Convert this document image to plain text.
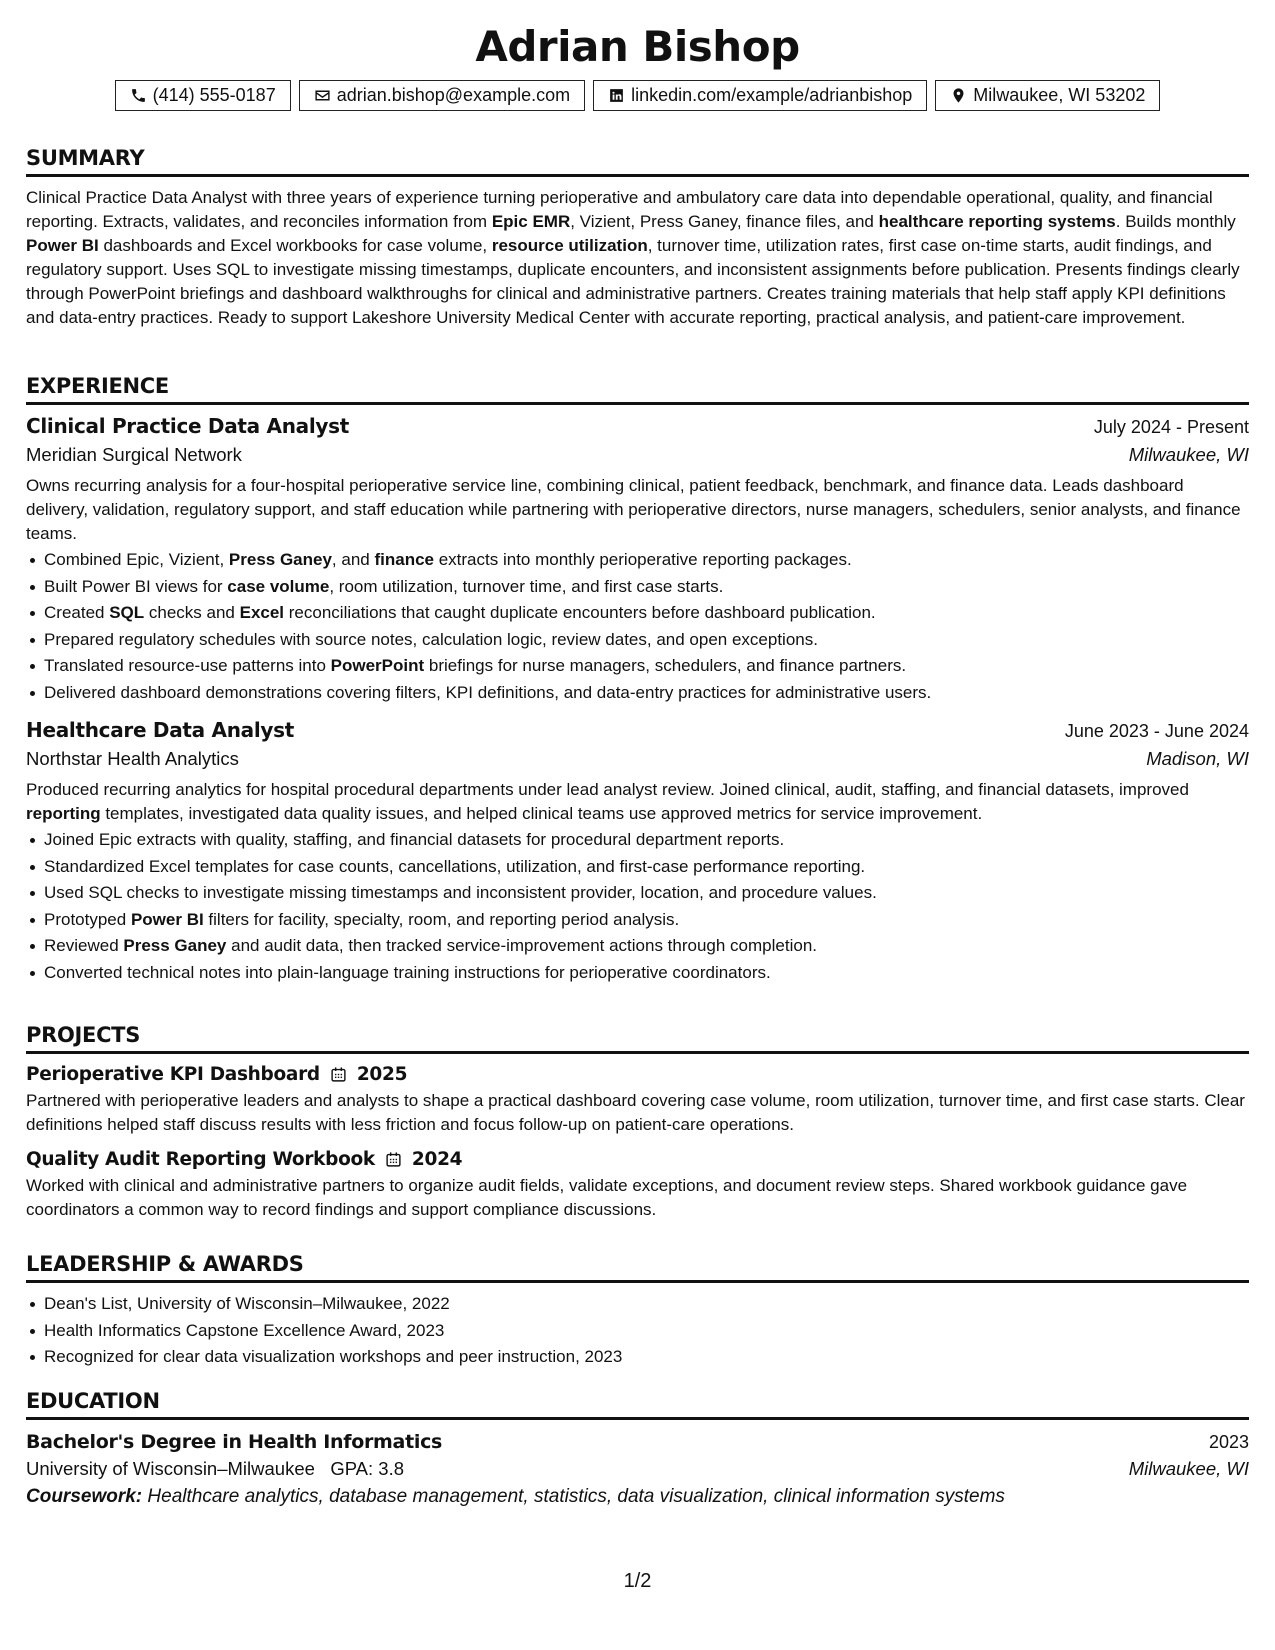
Adrian Bishop
(414) 555-0187	adrian.bishop@example.com	linkedin.com/example/adrianbishop	Milwaukee, WI 53202
SUMMARY
Clinical Practice Data Analyst with three years of experience turning perioperative and ambulatory care data into dependable operational, quality, and financial reporting. Extracts, validates, and reconciles information from Epic EMR, Vizient, Press Ganey, finance files, and healthcare reporting systems. Builds monthly Power BI dashboards and Excel workbooks for case volume, resource utilization, turnover time, utilization rates, first case on-time starts, audit findings, and regulatory support. Uses SQL to investigate missing timestamps, duplicate encounters, and inconsistent assignments before publication. Presents findings clearly through PowerPoint briefings and dashboard walkthroughs for clinical and administrative partners. Creates training materials that help staff apply KPI definitions and data-entry practices. Ready to support Lakeshore University Medical Center with accurate reporting, practical analysis, and patient-care improvement.
EXPERIENCE
Clinical Practice Data Analyst	July 2024 - Present
Meridian Surgical Network	Milwaukee, WI
Owns recurring analysis for a four-hospital perioperative service line, combining clinical, patient feedback, benchmark, and finance data. Leads dashboard delivery, validation, regulatory support, and staff education while partnering with perioperative directors, nurse managers, schedulers, senior analysts, and finance teams.
Combined Epic, Vizient, Press Ganey, and finance extracts into monthly perioperative reporting packages.
Built Power BI views for case volume, room utilization, turnover time, and first case starts.
Created SQL checks and Excel reconciliations that caught duplicate encounters before dashboard publication.
Prepared regulatory schedules with source notes, calculation logic, review dates, and open exceptions.
Translated resource-use patterns into PowerPoint briefings for nurse managers, schedulers, and finance partners.
Delivered dashboard demonstrations covering filters, KPI definitions, and data-entry practices for administrative users.
Healthcare Data Analyst	June 2023 - June 2024
Northstar Health Analytics	Madison, WI
Produced recurring analytics for hospital procedural departments under lead analyst review. Joined clinical, audit, staffing, and financial datasets, improved reporting templates, investigated data quality issues, and helped clinical teams use approved metrics for service improvement.
Joined Epic extracts with quality, staffing, and financial datasets for procedural department reports.
Standardized Excel templates for case counts, cancellations, utilization, and first-case performance reporting.
Used SQL checks to investigate missing timestamps and inconsistent provider, location, and procedure values.
Prototyped Power BI filters for facility, specialty, room, and reporting period analysis.
Reviewed Press Ganey and audit data, then tracked service-improvement actions through completion.
Converted technical notes into plain-language training instructions for perioperative coordinators.
PROJECTS
Perioperative KPI Dashboard 2025
Partnered with perioperative leaders and analysts to shape a practical dashboard covering case volume, room utilization, turnover time, and first case starts. Clear definitions helped staff discuss results with less friction and focus follow-up on patient-care operations.
Quality Audit Reporting Workbook 2024
Worked with clinical and administrative partners to organize audit fields, validate exceptions, and document review steps. Shared workbook guidance gave coordinators a common way to record findings and support compliance discussions.
LEADERSHIP & AWARDS
Dean's List, University of Wisconsin–Milwaukee, 2022
Health Informatics Capstone Excellence Award, 2023
Recognized for clear data visualization workshops and peer instruction, 2023
EDUCATION
Bachelor's Degree in Health Informatics	2023
University of Wisconsin–Milwaukee GPA: 3.8	Milwaukee, WI
Coursework: Healthcare analytics, database management, statistics, data visualization, clinical information systems
1/2
